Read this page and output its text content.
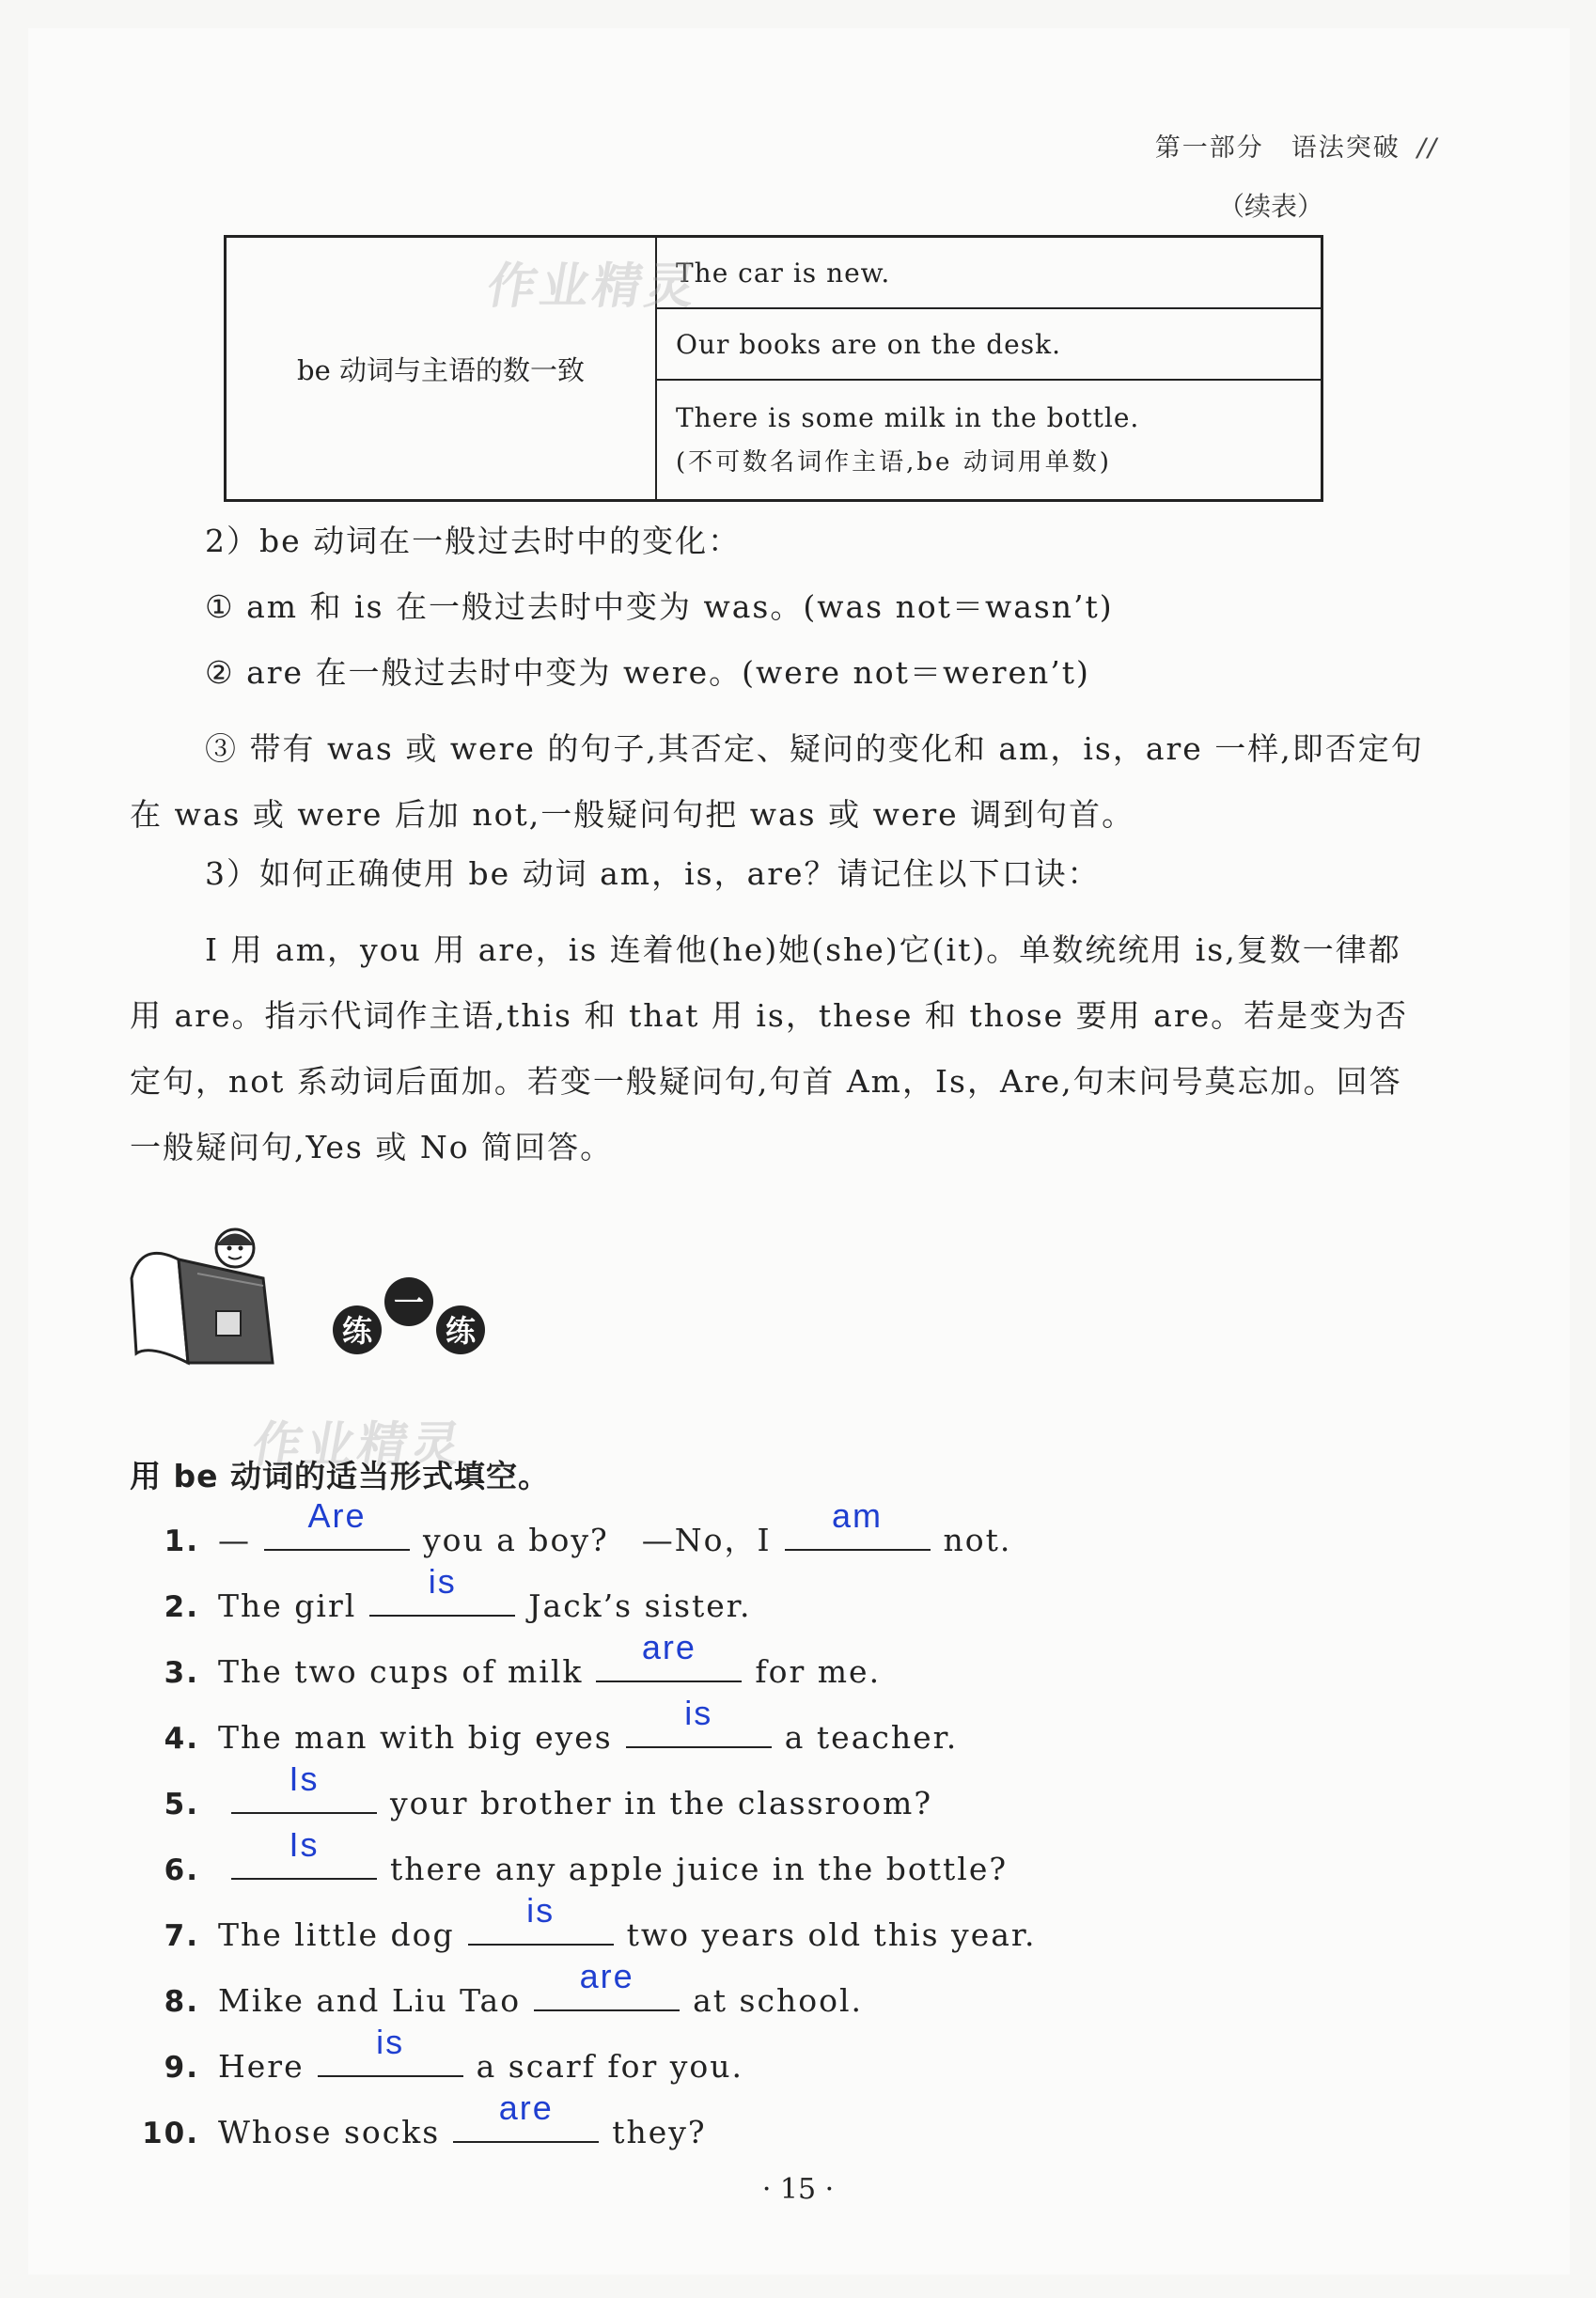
第一部分　语法突破 //
（续表）
be 动词与主语的数一致
The car is new.
Our books are on the desk.
There is some milk in the bottle.
(不可数名词作主语,be 动词用单数)
作业精灵
2）be 动词在一般过去时中的变化：
① am 和 is 在一般过去时中变为 was。(was not＝wasn’t)
② are 在一般过去时中变为 were。(were not＝weren’t)
③ 带有 was 或 were 的句子,其否定、疑问的变化和 am，is，are 一样,即否定句在 was 或 were 后加 not,一般疑问句把 was 或 were 调到句首。
3）如何正确使用 be 动词 am，is，are？请记住以下口诀：
I 用 am，you 用 are，is 连着他(he)她(she)它(it)。单数统统用 is,复数一律都用 are。指示代词作主语,this 和 that 用 is，these 和 those 要用 are。若是变为否定句，not 系动词后面加。若变一般疑问句,句首 Am，Is，Are,句末问号莫忘加。回答一般疑问句,Yes 或 No 简回答。
练
一
练
作业精灵
用 be 动词的适当形式填空。
1. —
Are
you a boy?　—No，I
am
not.
2. The girl
is
Jack’s sister.
3. The two cups of milk
are
for me.
4. The man with big eyes
is
a teacher.
5.
Is
your brother in the classroom?
6.
Is
there any apple juice in the bottle?
7. The little dog
is
two years old this year.
8. Mike and Liu Tao
are
at school.
9. Here
is
a scarf for you.
10. Whose socks
are
they?
· 15 ·
